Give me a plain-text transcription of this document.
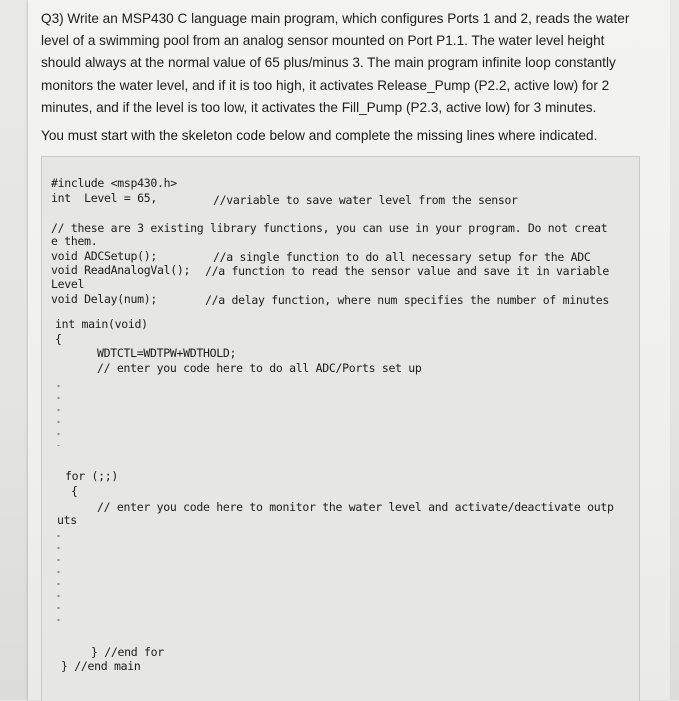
Q3) Write an MSP430 C language main program, which configures Ports 1 and 2, reads the water

level of a swimming pool from an analog sensor mounted on Port P1.1. The water level height

should always at the normal value of 65 plus/minus 3. The main program infinite loop constantly

monitors the water level, and if it is too high, it activates Release_Pump (P2.2, active low) for 2

minutes, and if the level is too low, it activates the Fill_Pump (P2.3, active low) for 3 minutes.

You must start with the skeleton code below and complete the missing lines where indicated.
#include <msp430.h>
int  Level = 65,	//variable to save water level from the sensor
// these are 3 existing library functions, you can use in your program. Do not creat
e them.
void ADCSetup();	//a single function to do all necessary setup for the ADC
void ReadAnalogVal(); //a function to read the sensor value and save it in variable
Level
void Delay(num);	//a delay function, where num specifies the number of minutes
int main(void)
{
WDTCTL=WDTPW+WDTHOLD;
// enter you code here to do all ADC/Ports set up
for (;;)
{
// enter you code here to monitor the water level and activate/deactivate outp
uts
} //end for
} //end main
